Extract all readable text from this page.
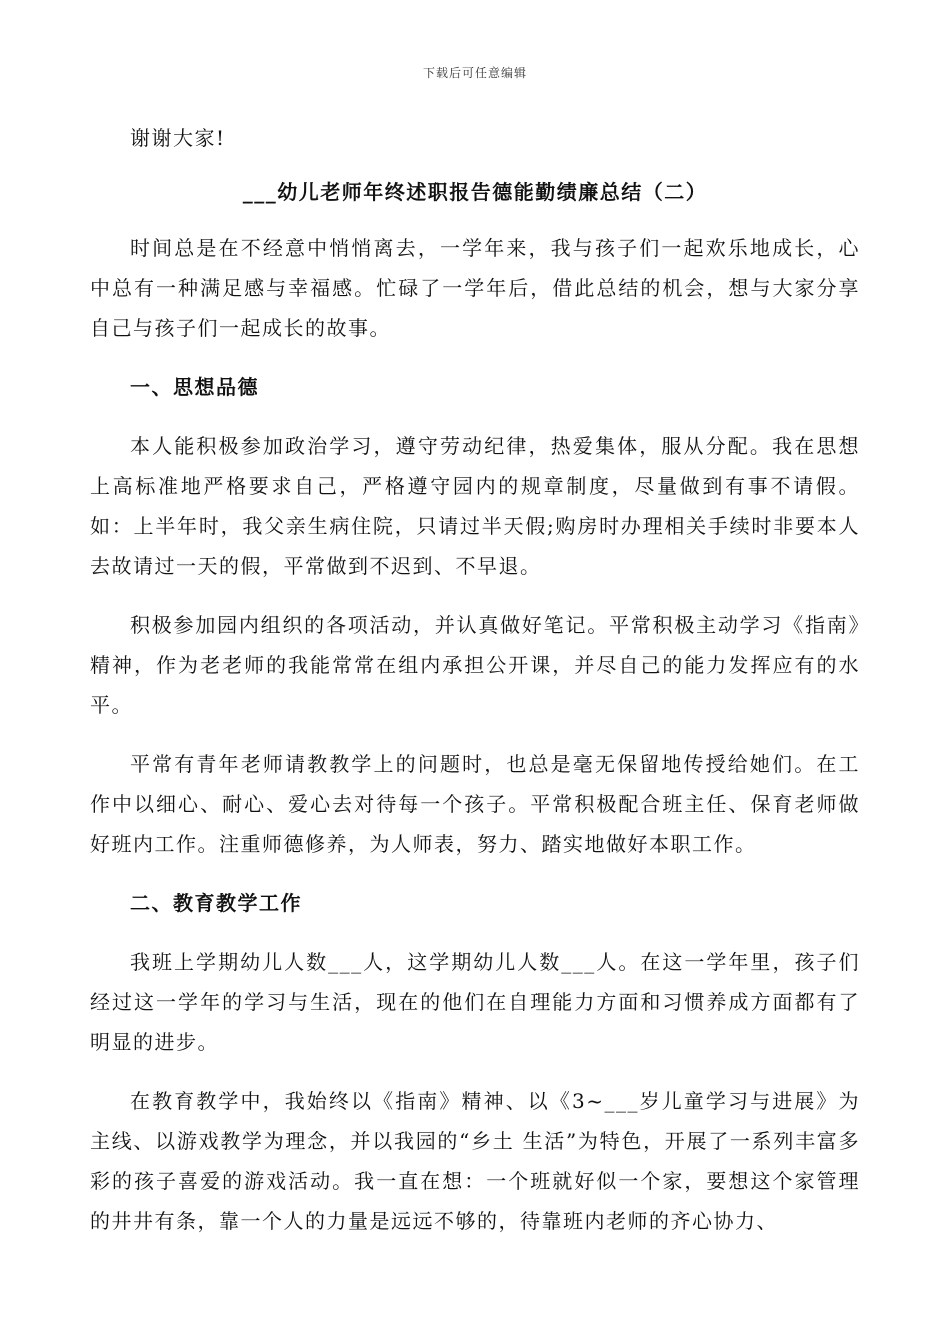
下载后可任意编辑

谢谢大家!

___幼儿老师年终述职报告德能勤绩廉总结（二）

时间总是在不经意中悄悄离去，一学年来，我与孩子们一起欢乐地成长，心中总有一种满足感与幸福感。忙碌了一学年后，借此总结的机会，想与大家分享自己与孩子们一起成长的故事。

一、思想品德

本人能积极参加政治学习，遵守劳动纪律，热爱集体，服从分配。我在思想上高标准地严格要求自己，严格遵守园内的规章制度，尽量做到有事不请假。如：上半年时，我父亲生病住院，只请过半天假;购房时办理相关手续时非要本人去故请过一天的假，平常做到不迟到、不早退。

积极参加园内组织的各项活动，并认真做好笔记。平常积极主动学习《指南》精神，作为老老师的我能常常在组内承担公开课，并尽自己的能力发挥应有的水平。

平常有青年老师请教教学上的问题时，也总是毫无保留地传授给她们。在工作中以细心、耐心、爱心去对待每一个孩子。平常积极配合班主任、保育老师做好班内工作。注重师德修养，为人师表，努力、踏实地做好本职工作。

二、教育教学工作

我班上学期幼儿人数___人，这学期幼儿人数___人。在这一学年里，孩子们经过这一学年的学习与生活，现在的他们在自理能力方面和习惯养成方面都有了明显的进步。

在教育教学中，我始终以《指南》精神、以《3~___岁儿童学习与进展》为主线、以游戏教学为理念，并以我园的“乡土 生活”为特色，开展了一系列丰富多彩的孩子喜爱的游戏活动。我一直在想：一个班就好似一个家，要想这个家管理的井井有条，靠一个人的力量是远远不够的，待靠班内老师的齐心协力、
